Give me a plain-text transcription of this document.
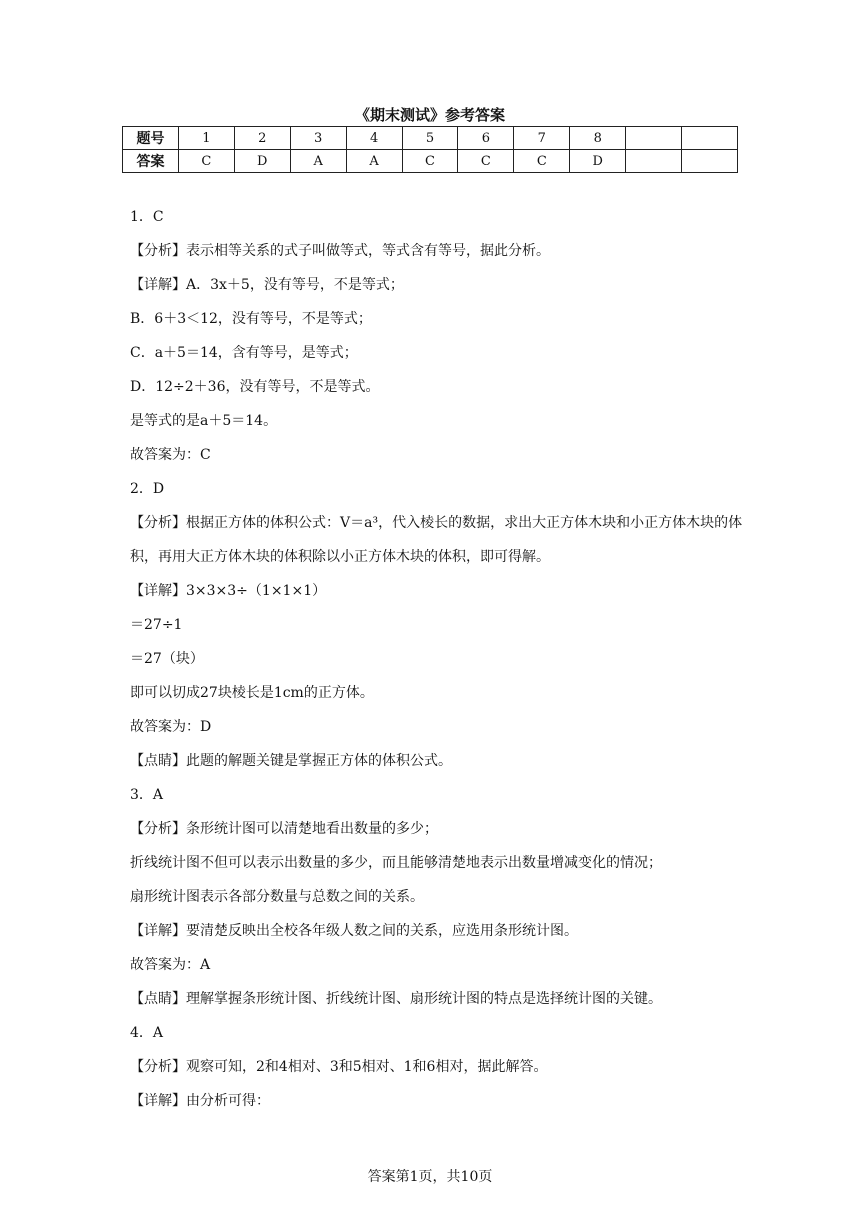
《期末测试》参考答案
题号	1	2	3	4	5	6	7	8		
答案	C	D	A	A	C	C	C	D		
1．C
【分析】表示相等关系的式子叫做等式，等式含有等号，据此分析。
【详解】A．3x＋5，没有等号，不是等式；
B．6＋3＜12，没有等号，不是等式；
C．a＋5＝14，含有等号，是等式；
D．12÷2＋36，没有等号，不是等式。
是等式的是a＋5＝14。
故答案为：C
2．D
【分析】根据正方体的体积公式：V＝a³，代入棱长的数据，求出大正方体木块和小正方体木块的体积，再用大正方体木块的体积除以小正方体木块的体积，即可得解。
【详解】3×3×3÷（1×1×1）
＝27÷1
＝27（块）
即可以切成27块棱长是1cm的正方体。
故答案为：D
【点睛】此题的解题关键是掌握正方体的体积公式。
3．A
【分析】条形统计图可以清楚地看出数量的多少；
折线统计图不但可以表示出数量的多少，而且能够清楚地表示出数量增减变化的情况；
扇形统计图表示各部分数量与总数之间的关系。
【详解】要清楚反映出全校各年级人数之间的关系，应选用条形统计图。
故答案为：A
【点睛】理解掌握条形统计图、折线统计图、扇形统计图的特点是选择统计图的关键。
4．A
【分析】观察可知，2和4相对、3和5相对、1和6相对，据此解答。
【详解】由分析可得：
答案第1页，共10页
